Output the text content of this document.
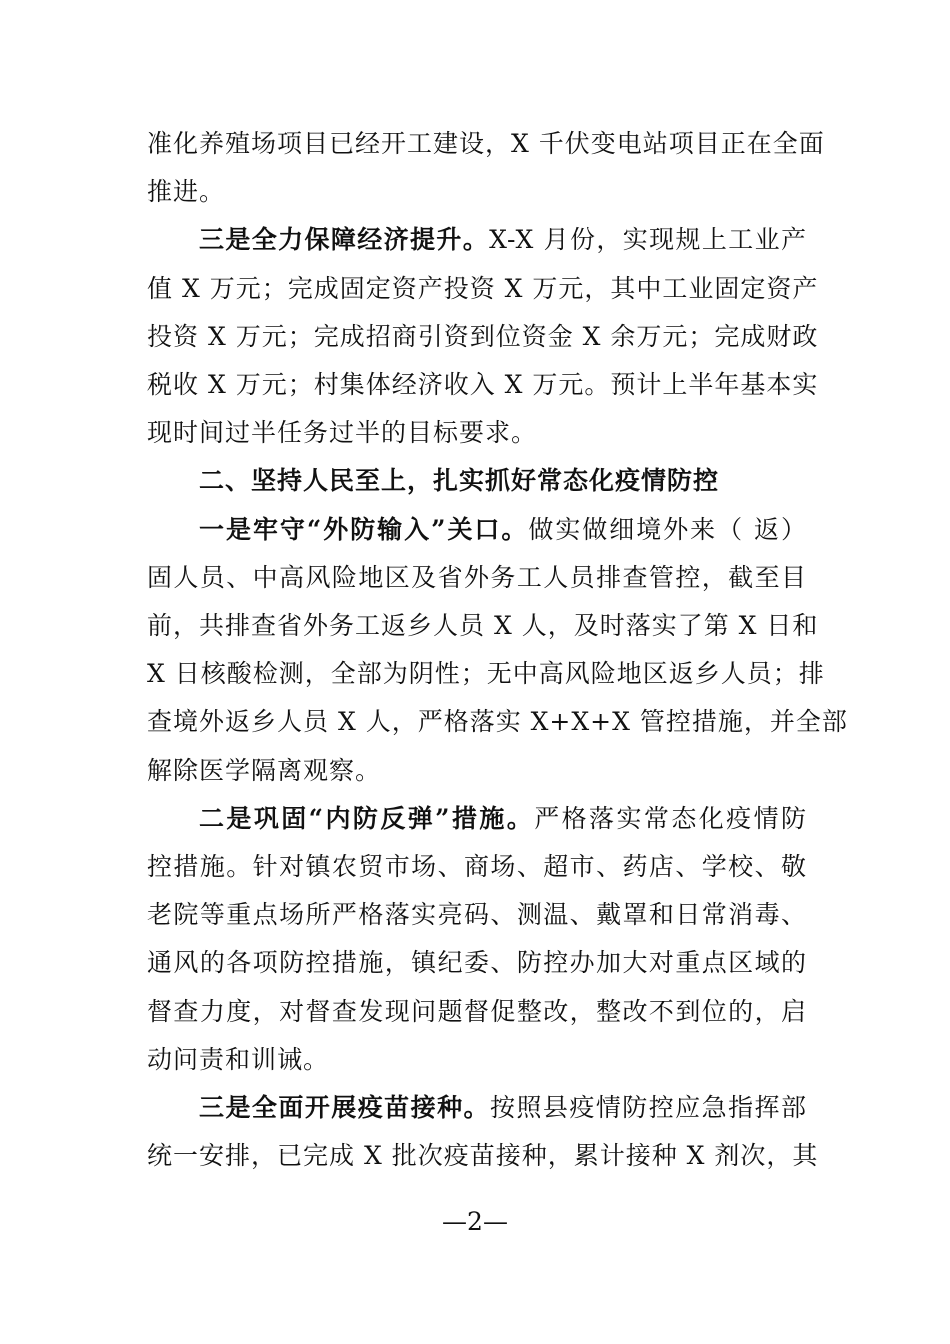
准化养殖场项目已经开工建设，X 千伏变电站项目正在全面
推进。
三是全力保障经济提升。X-X 月份，实现规上工业产
值 X 万元；完成固定资产投资 X 万元，其中工业固定资产
投资 X 万元；完成招商引资到位资金 X 余万元；完成财政
税收 X 万元；村集体经济收入 X 万元。预计上半年基本实
现时间过半任务过半的目标要求。
二、坚持人民至上，扎实抓好常态化疫情防控
一是牢守“外防输入”关口。做实做细境外来（ 返）
固人员、中高风险地区及省外务工人员排查管控，截至目
前，共排查省外务工返乡人员 X 人，及时落实了第 X 日和
X 日核酸检测，全部为阴性；无中高风险地区返乡人员；排
查境外返乡人员 X 人，严格落实 X+X+X 管控措施，并全部
解除医学隔离观察。
二是巩固“内防反弹”措施。严格落实常态化疫情防
控措施。针对镇农贸市场、商场、超市、药店、学校、敬
老院等重点场所严格落实亮码、测温、戴罩和日常消毒、
通风的各项防控措施，镇纪委、防控办加大对重点区域的
督查力度，对督查发现问题督促整改，整改不到位的，启
动问责和训诫。
三是全面开展疫苗接种。按照县疫情防控应急指挥部
统一安排，已完成 X 批次疫苗接种，累计接种 X 剂次，其
—2—
